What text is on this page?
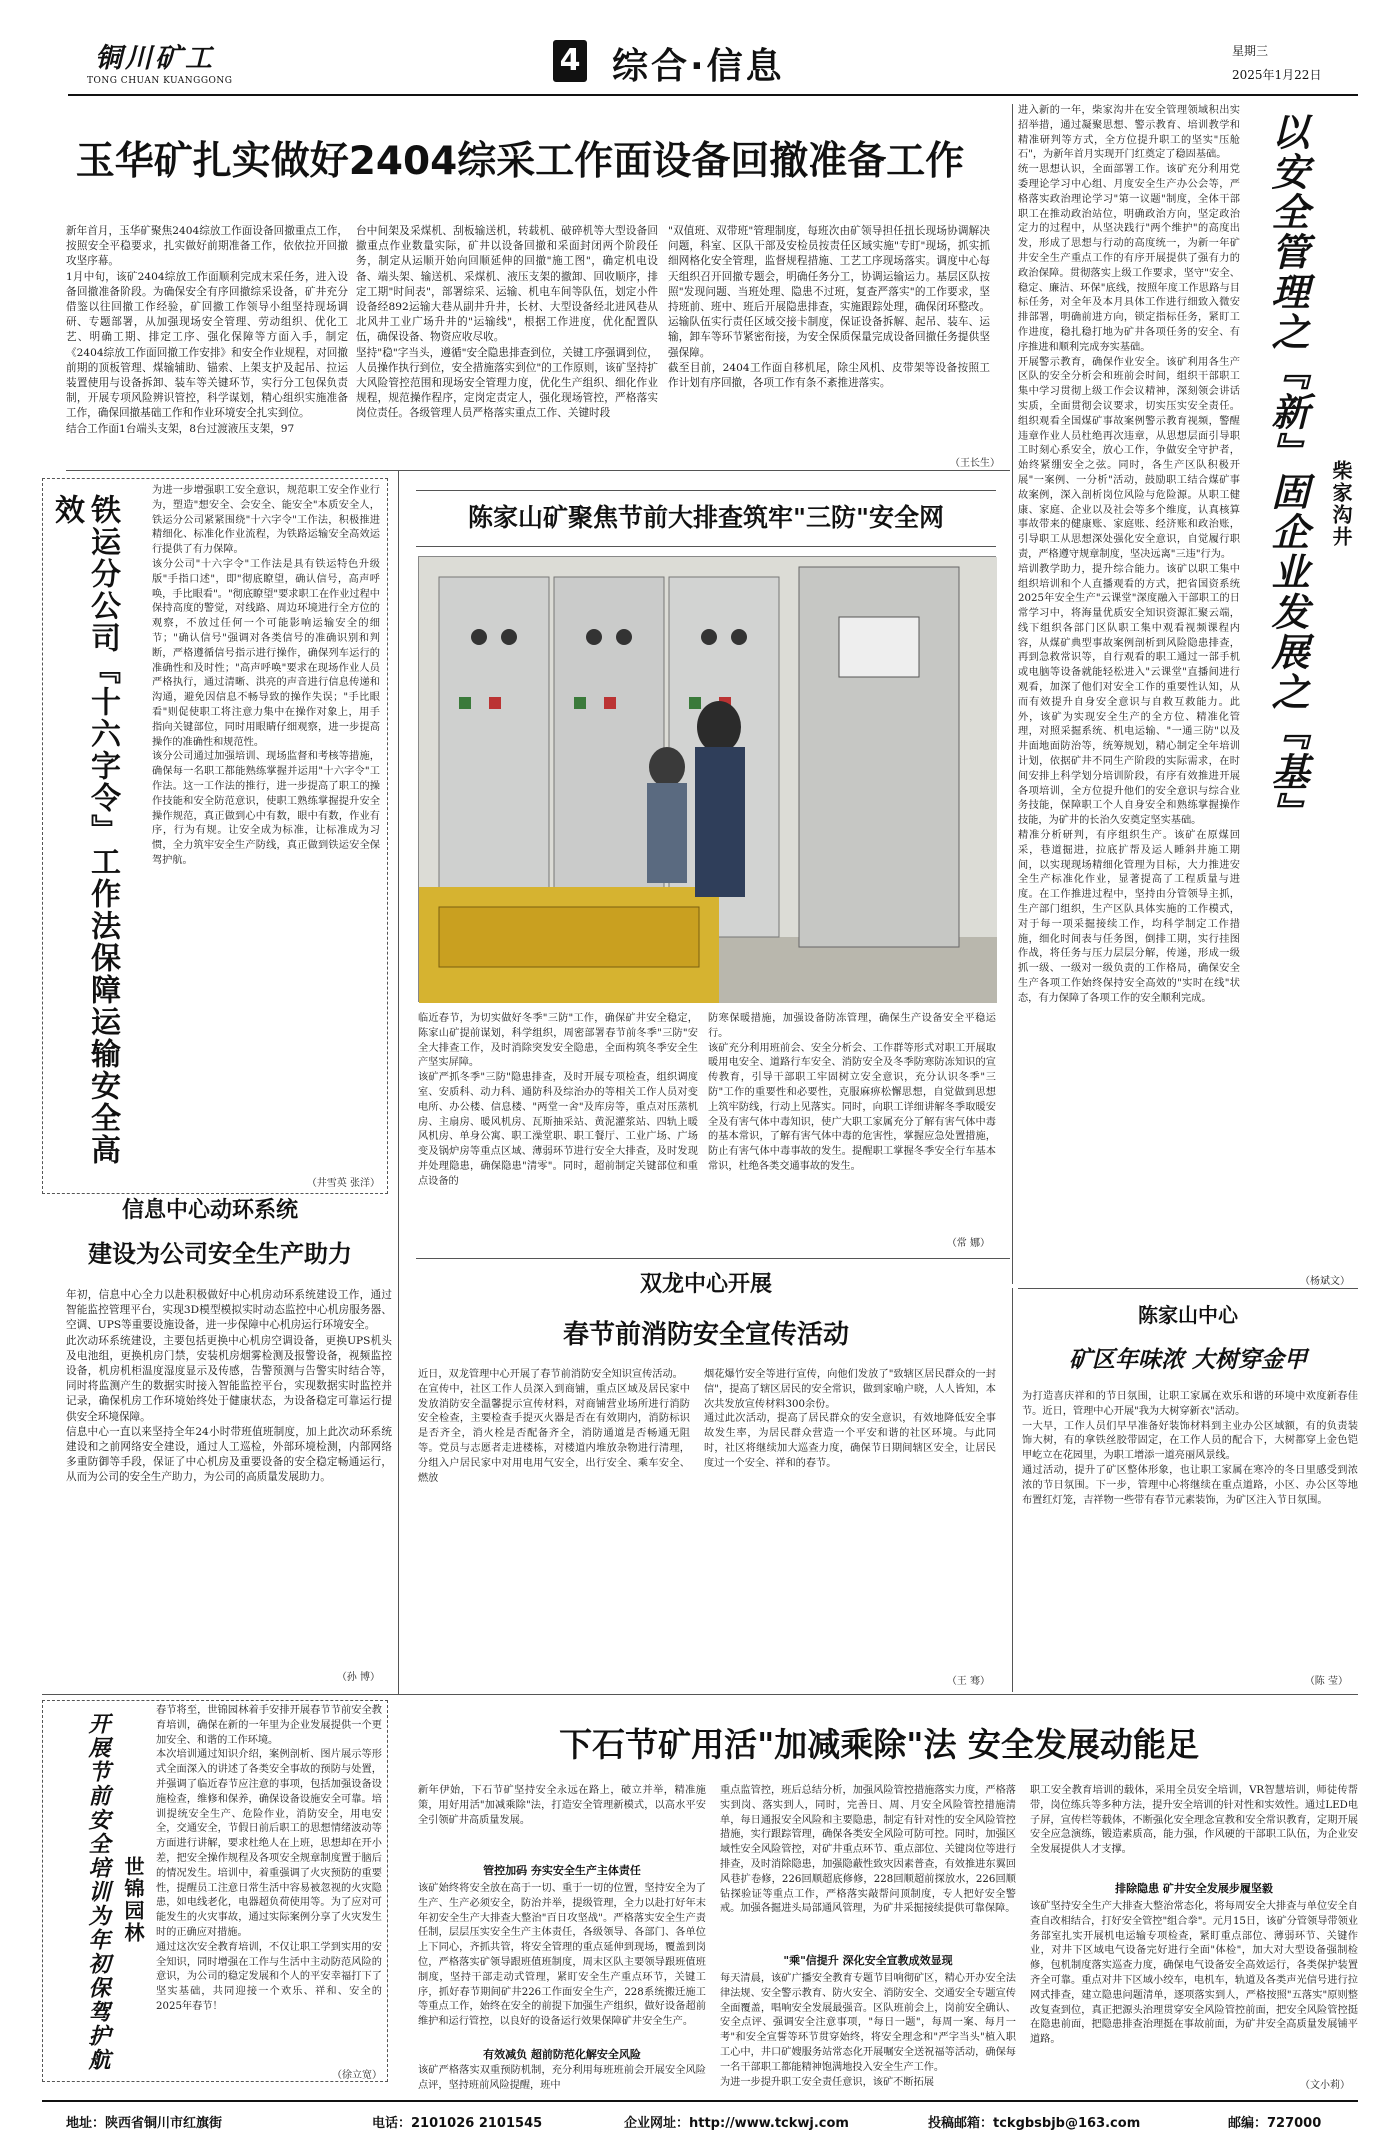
铜川矿工
TONG CHUAN KUANGGONG
4 综合·信息	星期三
2025年1月22日
玉华矿扎实做好2404综采工作面设备回撤准备工作
新年首月，玉华矿聚焦2404综放工作面设备回撤重点工作，按照安全平稳要求，扎实做好前期准备工作，依依拉开回撤攻坚序幕。
1月中旬，该矿2404综放工作面顺利完成末采任务，进入设备回撤准备阶段。为确保安全有序回撤综采设备，矿井充分借鉴以往回撤工作经验，矿回撤工作领导小组坚持现场调研、专题部署，从加强现场安全管理、劳动组织、优化工艺、明确工期、排定工序、强化保障等方面入手，制定《2404综放工作面回撤工作安排》和安全作业规程，对回撤前期的顶板管理、煤输辅助、锚索、上架支护及起吊、拉运装置使用与设备拆卸、装车等关键环节，实行分工包保负责制，开展专项风险辨识管控，科学谋划，精心组织实施准备工作，确保回撤基础工作和作业环境安全扎实到位。
结合工作面1台端头支架，8台过渡液压支架，97
台中间架及采煤机、刮板输送机，转载机、破碎机等大型设备回撤重点作业数量实际，矿井以设备回撤和采面封闭两个阶段任务，制定从运顺开始向回顺延伸的回撤"施工图"，确定机电设备、端头架、输送机、采煤机、液压支架的撤卸、回收顺序，排定工期"时间表"，部署综采、运输、机电车间等队伍，划定小件设备经892运输大巷从副井升井，长材、大型设备经北进风巷从北风井工业广场升井的"运输线"，根据工作进度，优化配置队伍，确保设备、物资应收尽收。
坚持"稳"字当头，遵循"安全隐患排查到位，关键工序强调到位，人员操作执行到位，安全措施落实到位"的工作原则，该矿坚持扩大风险管控范围和现场安全管理力度，优化生产组织、细化作业规程，规范操作程序，定岗定责定人，强化现场管控，严格落实岗位责任。各级管理人员严格落实重点工作、关键时段
"双值班、双带班"管理制度，每班次由矿领导担任扭长现场协调解决问题，科室、区队干部及安检员按责任区域实施"专盯"现场，抓实抓细网格化安全管理，监督规程措施、工艺工序现场落实。调度中心每天组织召开回撤专题会，明确任务分工，协调运输运力。基层区队按照"发现问题、当班处理、隐患不过班，复查严落实"的工作要求，坚持班前、班中、班后开展隐患排查，实施跟踪处理，确保闭环整改。运输队伍实行责任区域交接卡制度，保证设备拆解、起吊、装车、运输，卸车等环节紧密衔接，为安全保质保量完成设备回撤任务提供坚强保障。
截至目前，2404工作面自移机尾，除尘风机、皮带架等设备按照工作计划有序回撤，各项工作有条不紊推进落实。
（王长生）
进入新的一年，柴家沟井在安全管理领域积出实招举措，通过凝聚思想、警示教育、培训教学和精准研判等方式，全方位提升职工的坚实"压舱石"，为新年首月实现开门红奠定了稳固基础。
统一思想认识，全面部署工作。该矿充分利用党委理论学习中心组、月度安全生产办公会等，严格落实政治理论学习"第一议题"制度，全体干部职工在推动政治站位，明确政治方向，坚定政治定力的过程中，从坚决践行"两个维护"的高度出发，形成了思想与行动的高度统一，为新一年矿井安全生产重点工作的有序开展提供了强有力的政治保障。贯彻落实上级工作要求，坚守"安全、稳定、廉洁、环保"底线，按照年度工作思路与目标任务，对全年及本月具体工作进行细致入微安排部署，明确前进方向，锁定指标任务，紧盯工作进度，稳扎稳打地为矿井各项任务的安全、有序推进和顺利完成夯实基础。
开展警示教育，确保作业安全。该矿利用各生产区队的安全分析会和班前会时间，组织干部职工集中学习贯彻上级工作会议精神，深刻领会讲话实质，全面贯彻会议要求，切实压实安全责任。组织观看全国煤矿事故案例警示教育视频，警醒违章作业人员杜绝再次违章，从思想层面引导职工时刻心系安全，放心工作，争做安全守护者，始终紧绷安全之弦。同时，各生产区队积极开展"一案例、一分析"活动，鼓励职工结合煤矿事故案例，深入剖析岗位风险与危险源。从职工健康、家庭、企业以及社会等多个维度，认真核算事故带来的健康账、家庭账、经济账和政治账，引导职工从思想深处强化安全意识，自觉履行职责，严格遵守规章制度，坚决远离"三违"行为。
培训教学助力，提升综合能力。该矿以职工集中组织培训和个人直播观看的方式，把省国资系统2025年安全生产"云课堂"深度融入干部职工的日常学习中，将海量优质安全知识资源汇聚云端，线下组织各部门区队职工集中观看视频课程内容，从煤矿典型事故案例剖析到风险隐患排查，再到急救常识等，自行观看的职工通过一部手机或电脑等设备就能轻松进入"云课堂"直播间进行观看，加深了他们对安全工作的重要性认知，从而有效提升自身安全意识与自救互救能力。此外，该矿为实现安全生产的全方位、精准化管理，对照采掘系统、机电运输、"一通三防"以及井面地面防治等，统筹规划，精心制定全年培训计划，依据矿井不同生产阶段的实际需求，在时间安排上科学划分培训阶段，有序有效推进开展各项培训，全方位提升他们的安全意识与综合业务技能，保障职工个人自身安全和熟练掌握操作技能，为矿井的长治久安奠定坚实基础。
精准分析研判，有序组织生产。该矿在原煤回采，巷道掘进，拉底扩帮及运人睡斜井施工期间，以实现现场精细化管理为目标，大力推进安全生产标准化作业，显著提高了工程质量与进度。在工作推进过程中，坚持由分管领导主抓，生产部门组织，生产区队具体实施的工作模式，对于每一项采掘接续工作，均科学制定工作措施，细化时间表与任务图，倒排工期，实行挂图作战，将任务与压力层层分解，传递，形成一级抓一级、一级对一级负责的工作格局，确保安全生产各项工作始终保持安全高效的"实时在线"状态，有力保障了各项工作的安全顺利完成。
以安全管理之『新』固企业发展之『基』 柴家沟井
（杨斌文）
铁运分公司『十六字令』工作法保障运输安全高效
为进一步增强职工安全意识，规范职工安全作业行为，塑造"想安全、会安全、能安全"本质安全人，铁运分公司紧紧围绕"十六字令"工作法，积极推进精细化、标准化作业流程，为铁路运输安全高效运行提供了有力保障。
该分公司"十六字令"工作法是具有铁运特色升级版"手指口述"，即"彻底瞭望，确认信号，高声呼唤，手比眼看"。"彻底瞭望"要求职工在作业过程中保持高度的警觉，对线路、周边环境进行全方位的观察，不放过任何一个可能影响运输安全的细节；"确认信号"强调对各类信号的准确识别和判断，严格遵循信号指示进行操作，确保列车运行的准确性和及时性；"高声呼唤"要求在现场作业人员严格执行，通过清晰、洪亮的声音进行信息传递和沟通，避免因信息不畅导致的操作失误；"手比眼看"则促使职工将注意力集中在操作对象上，用手指向关键部位，同时用眼睛仔细观察，进一步提高操作的准确性和规范性。
该分公司通过加强培训、现场监督和考核等措施，确保每一名职工都能熟练掌握并运用"十六字令"工作法。这一工作法的推行，进一步提高了职工的操作技能和安全防范意识，使职工熟练掌握提升安全操作规范，真正做到心中有数，眼中有数，作业有序，行为有规。让安全成为标准，让标准成为习惯，全力筑牢安全生产防线，真正做到铁运安全保驾护航。
（井雪英 张洋）
信息中心动环系统
建设为公司安全生产助力
年初，信息中心全力以赴积极做好中心机房动环系统建设工作，通过智能监控管理平台，实现3D模型模拟实时动态监控中心机房服务器、空调、UPS等重要设施设备，进一步保障中心机房运行环境安全。
此次动环系统建设，主要包括更换中心机房空调设备，更换UPS机头及电池组，更换机房门禁，安装机房烟雾检测及报警设备，视频监控设备，机房机柜温度湿度显示及传感，告警预测与告警实时结合等，同时将监测产生的数据实时接入智能监控平台，实现数据实时监控并记录，确保机房工作环境始终处于健康状态，为设备稳定可靠运行提供安全环境保障。
信息中心一直以来坚持全年24小时带班值班制度，加上此次动环系统建设和之前网络安全建设，通过人工巡检，外部环境检测，内部网络多重防御等手段，保证了中心机房及重要设备的安全稳定畅通运行，从而为公司的安全生产助力，为公司的高质量发展助力。
（孙 博）
陈家山矿聚焦节前大排查筑牢"三防"安全网
临近春节，为切实做好冬季"三防"工作，确保矿井安全稳定，陈家山矿提前谋划，科学组织，周密部署春节前冬季"三防"安全大排查工作，及时消除突发安全隐患，全面构筑冬季安全生产坚实屏障。
该矿严抓冬季"三防"隐患排查，及时开展专项检查，组织调度室、安质科、动力科、通防科及综治办的等相关工作人员对变电所、办公楼、信息楼、"两堂一舍"及库房等，重点对压蒸机房、主扇房、暖风机房、瓦斯抽采站、黄泥灌浆站、四轨上暖风机房、单身公寓、职工澡堂职、职工餐厅、工业广场、广场变及锅炉房等重点区域、薄弱环节进行安全大排查，及时发现并处理隐患，确保隐患"清零"。同时，超前制定关键部位和重点设备的
防寒保暖措施，加强设备防冻管理，确保生产设备安全平稳运行。
该矿充分利用班前会、安全分析会、工作群等形式对职工开展取暖用电安全、道路行车安全、消防安全及冬季防寒防冻知识的宣传教育，引导干部职工牢固树立安全意识，充分认识冬季"三防"工作的重要性和必要性，克服麻痹松懈思想，自觉做到思想上筑牢防线，行动上见落实。同时，向职工详细讲解冬季取暖安全及有害气体中毒知识，使广大职工家属充分了解有害气体中毒的基本常识，了解有害气体中毒的危害性，掌握应急处置措施，防止有害气体中毒事故的发生。提醒职工掌握冬季安全行车基本常识，杜绝各类交通事故的发生。
（常 娜）
双龙中心开展
春节前消防安全宣传活动
近日，双龙管理中心开展了春节前消防安全知识宣传活动。
在宣传中，社区工作人员深入到商铺，重点区域及居民家中发放消防安全温馨提示宣传材料，对商铺营业场所进行消防安全检查，主要检查手提灭火器是否在有效期内，消防标识是否齐全，消火栓是否配备齐全，消防通道是否畅通无阻等。党员与志愿者走进楼栋，对楼道内堆放杂物进行清理，分组入户居民家中对用电用气安全，出行安全、乘车安全、燃放
烟花爆竹安全等进行宣传，向他们发放了"致辖区居民群众的一封信"，提高了辖区居民的安全常识，做到家喻户晓，人人皆知，本次共发放宣传材料300余份。
通过此次活动，提高了居民群众的安全意识，有效地降低安全事故发生率，为居民群众营造一个平安和谐的社区环境。与此同时，社区将继续加大巡查力度，确保节日期间辖区安全，让居民度过一个安全、祥和的春节。
（王 骞）
陈家山中心
矿区年味浓 大树穿金甲
为打造喜庆祥和的节日氛围，让职工家属在欢乐和谐的环境中欢度新春佳节。近日，管理中心开展"我为大树穿新衣"活动。
一大早，工作人员们早早准备好装饰材料到主业办公区域额，有的负责装饰大树，有的拿铁丝胶带固定，在工作人员的配合下，大树都穿上金色铠甲屹立在花园里，为职工增添一道亮丽风景线。
通过活动，提升了矿区整体形象，也让职工家属在寒冷的冬日里感受到浓浓的节日氛围。下一步，管理中心将继续在重点道路，小区、办公区等地布置红灯笼，吉祥物一些带有春节元素装饰，为矿区注入节日氛围。
（陈 莹）
开展节前安全培训为年初保驾护航 世锦园林
春节将至，世锦园林着手安排开展春节节前安全教育培训，确保在新的一年里为企业发展提供一个更加安全、和谐的工作环境。
本次培训通过知识介绍，案例剖析、图片展示等形式全面深入的讲述了各类安全事故的预防与处置，并强调了临近春节应注意的事项，包括加强设备设施检查，维修和保养，确保设备设施安全可靠。培训提统安全生产、危险作业，消防安全，用电安全，交通安全，节假日前后职工的思想情绪波动等方面进行讲解，要求杜绝人在上班，思想却在开小差，把安全操作规程及各项安全规章制度置于脑后的情况发生。培训中，着重强调了火灾预防的重要性，提醒员工注意日常生活中容易被忽视的火灾隐患，如电线老化，电器超负荷使用等。为了应对可能发生的火灾事故，通过实际案例分享了火灾发生时的正确应对措施。
通过这次安全教育培训，不仅让职工学到实用的安全知识，同时增强在工作与生活中主动防范风险的意识，为公司的稳定发展和个人的平安幸福打下了坚实基础，共同迎接一个欢乐、祥和、安全的2025年春节！
（徐立宽）
下石节矿用活"加减乘除"法 安全发展动能足
新年伊始，下石节矿坚持安全永远在路上，破立并举，精准施策，用好用活"加减乘除"法，打造安全管理新模式，以高水平安全引领矿井高质量发展。
管控加码 夯实安全生产主体责任
该矿始终将安全放在高于一切、重于一切的位置，坚持安全为了生产、生产必须安全，防治并举，提级管理，全力以赴打好年末年初安全生产大排查大整治"百日攻坚战"。严格落实安全生产责任制，层层压实安全生产主体责任，各级领导、各部门、各单位上下同心，齐抓共管，将安全管理的重点延伸到现场，覆盖到岗位，严格落实矿领导跟班值班制度，周末区队主要领导跟班值班制度，坚持干部走动式管理，紧盯安全生产重点环节，关键工序，抓好春节期间矿井226工作面安全生产，228系统搬迁施工等重点工作，始终在安全的前提下加强生产组织，做好设备超前维护和运行管控，以良好的设备运行效果保障矿井安全生产。
有效减负 超前防范化解安全风险
该矿严格落实双重预防机制，充分利用每班班前会开展安全风险点评，坚持班前风险提醒，班中
重点监管控，班后总结分析，加强风险管控措施落实力度，严格落实到岗、落实到人，同时，完善日、周、月安全风险管控措施清单，每日通报安全风险和主要隐患，制定有针对性的安全风险管控措施，实行跟踪管理，确保各类安全风险可防可控。同时，加强区域性安全风险管控，对矿井重点环节、重点部位、关键岗位等进行排查，及时消除隐患，加强隐蔽性致灾因素普查，有效推进东翼回风巷扩卷修，226回顺超底修修，228回顺超前探放水，226回顺钻探验证等重点工作，严格落实敲帮问顶制度，专人把好安全警戒。加强各掘进头局部通风管理，为矿井采掘接续提供可靠保障。
"乘"信提升 深化安全宣教成效显现
每天清晨，该矿广播安全教育专题节目响彻矿区，精心开办安全法律法规、安全警示教育、防火安全、消防安全、交通安全专题宣传全面覆盖，唱响安全发展最强音。区队班前会上，岗前安全确认、安全点评、强调安全注意事项，"每日一题"，每周一案、每月一考"和安全宣誓等环节贯穿始终，将安全理念和"严字当头"植入职工心中，井口矿嫂服务站常态化开展嘱安全送祝福等活动，确保每一名干部职工都能精神饱满地投入安全生产工作。
为进一步提升职工安全责任意识，该矿不断拓展
职工安全教育培训的载体，采用全员安全培训，VR智慧培训，师徒传帮带，岗位练兵等多种方法，提升安全培训的针对性和实效性。通过LED电子屏，宣传栏等载体，不断强化安全理念宣教和安全常识教育，定期开展安全应急演练，锻造素质高，能力强，作风硬的干部职工队伍，为企业安全发展提供人才支撑。
排除隐患 矿井安全发展步履坚毅
该矿坚持安全生产大排查大整治常态化，将每周安全大排查与单位安全自查自改相结合，打好安全管控"组合拳"。元月15日，该矿分管领导带领业务部室扎实开展机电运输专项检查，紧盯重点部位、薄弱环节、关键作业，对井下区域电气设备完好进行全面"体检"，加大对大型设备强制检修，包机制度落实巡查力度，确保电气设备安全高效运行，各类保护装置齐全可靠。重点对井下区域小绞车，电机车，轨道及各类声光信号进行拉网式排查，建立隐患问题清单，逐项落实到人，严格按照"五落实"原则整改复查到位，真正把源头治理贯穿安全风险管控前面，把安全风险管控挺在隐患前面，把隐患排查治理挺在事故前面，为矿井安全高质量发展铺平道路。
（文小莉）
地址：陕西省铜川市红旗街	电话：2101026 2101545	企业网址：http://www.tckwj.com	投稿邮箱：tckgbsbjb@163.com	邮编：727000
